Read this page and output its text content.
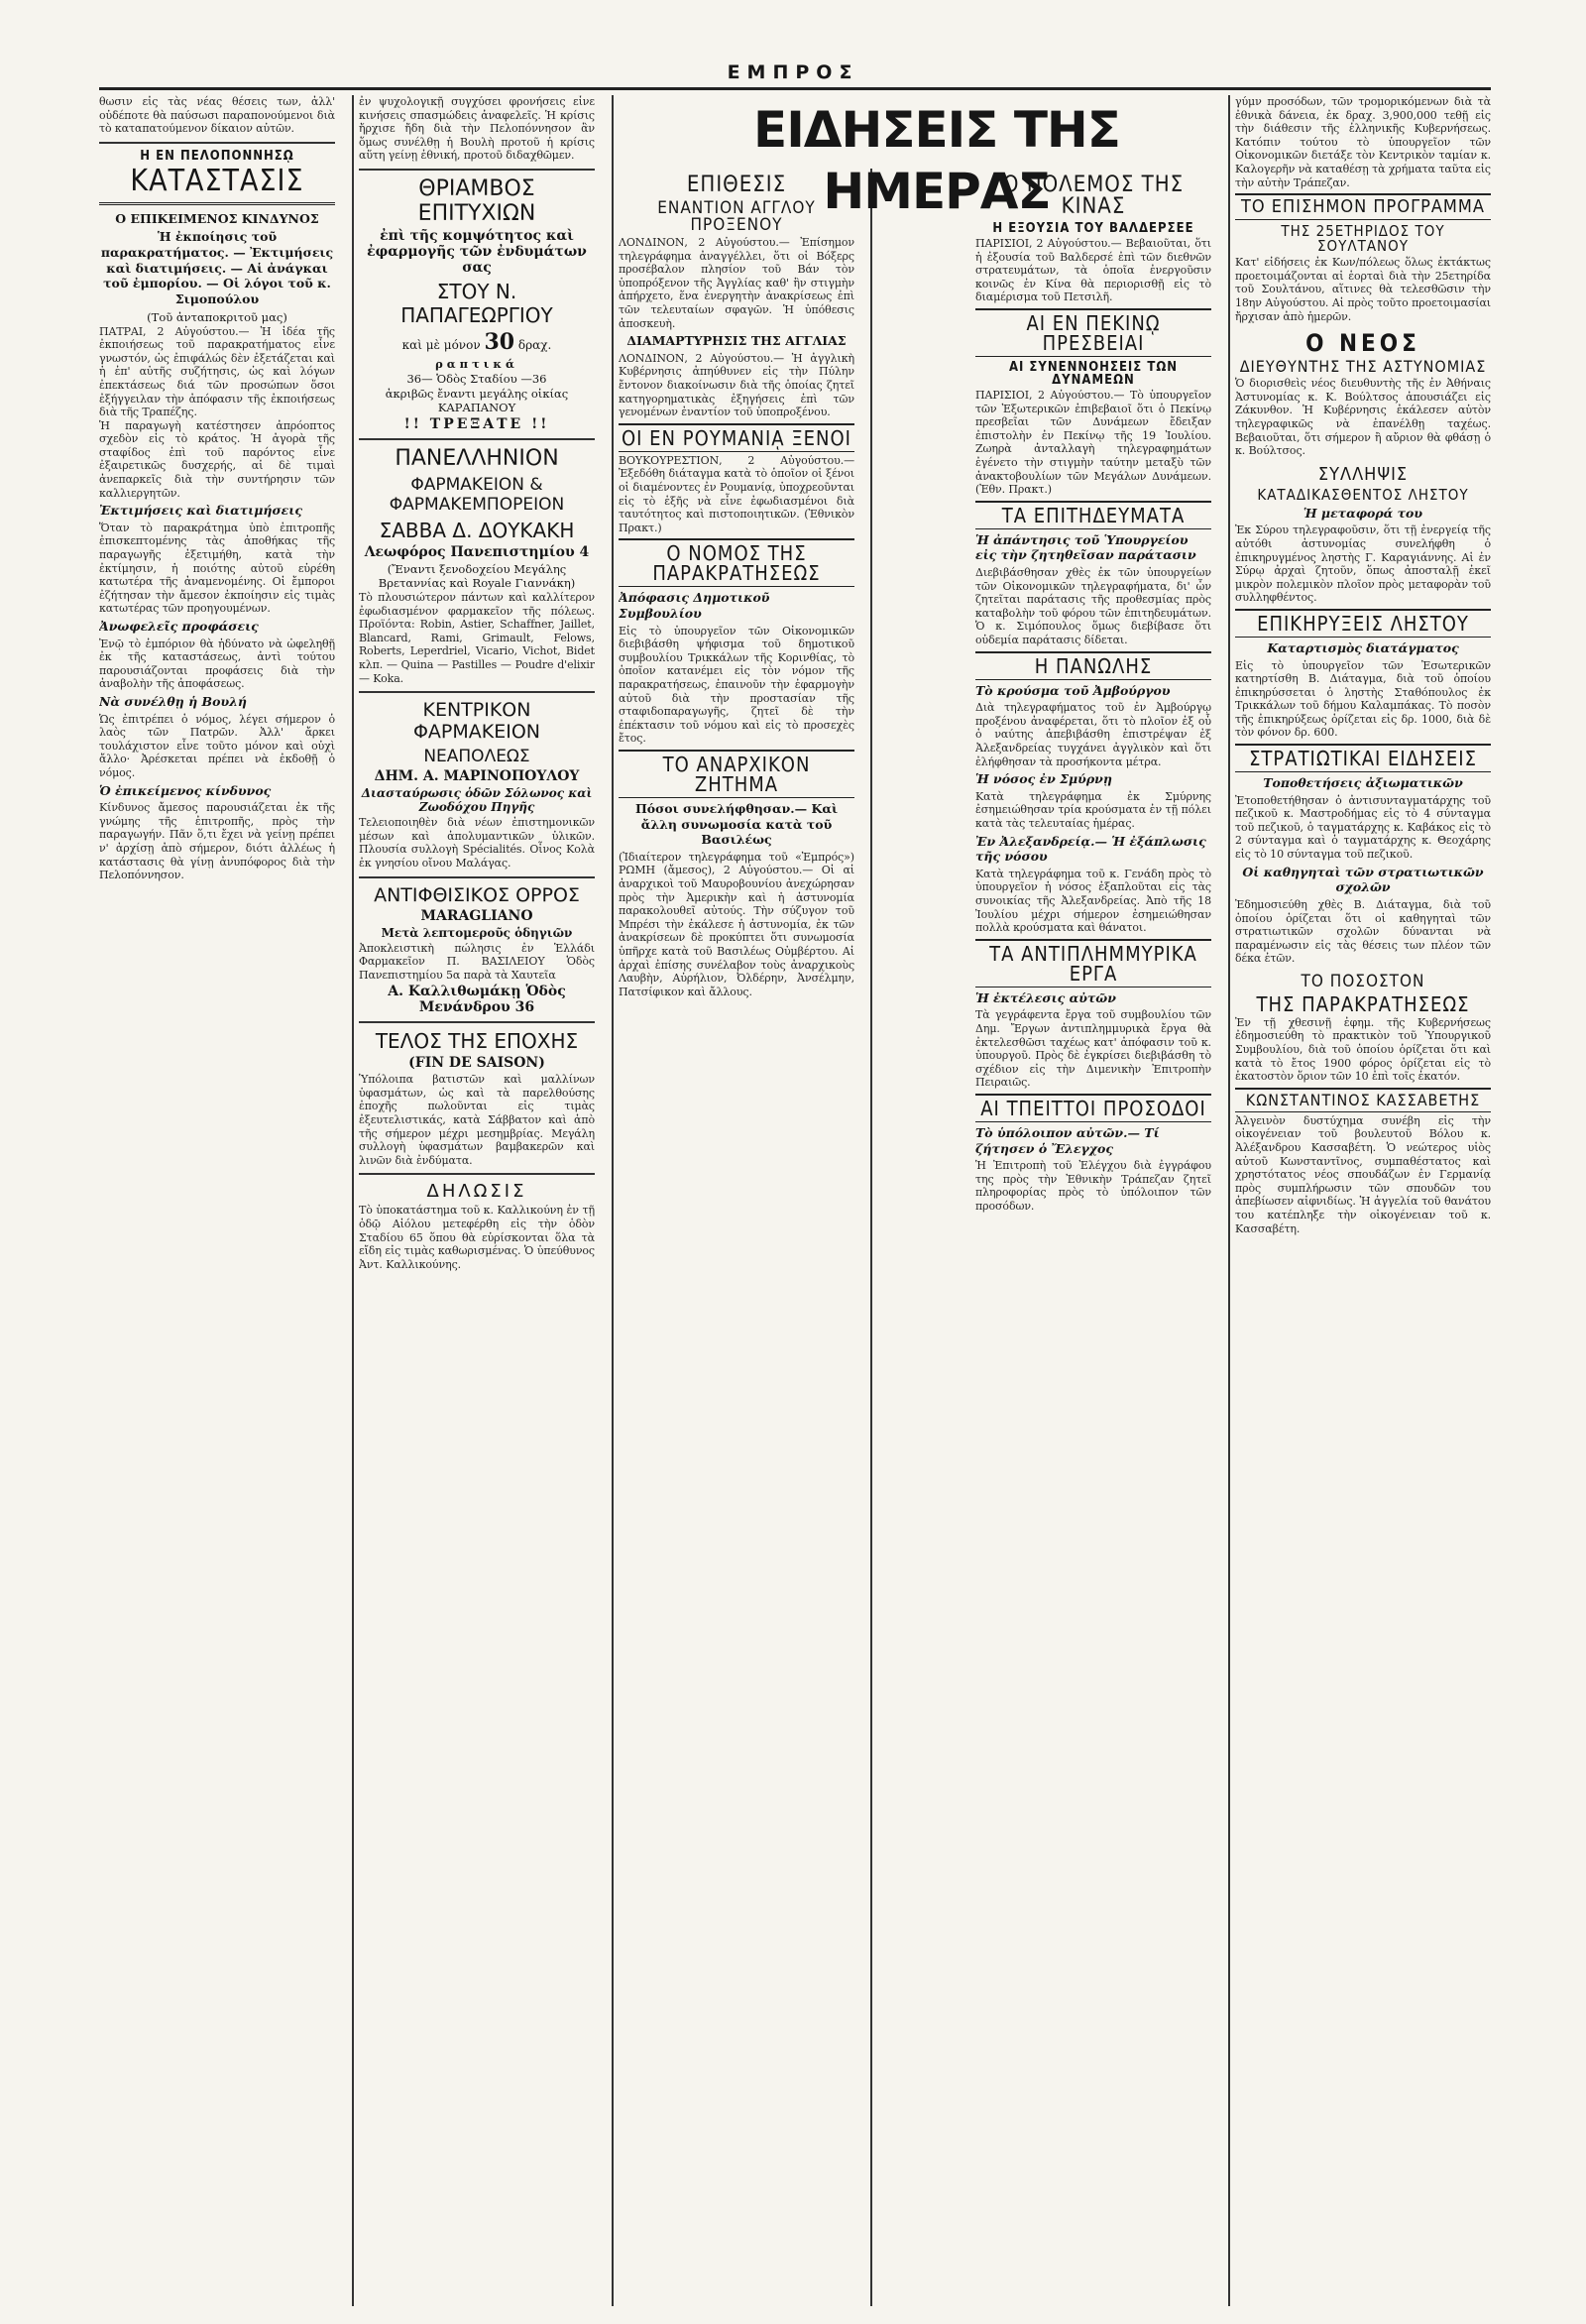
ΕΜΠΡΟΣ
ΕΙΔΗΣΕΙΣ ΤΗΣ ΗΜΕΡΑΣ

θωσιν εἰς τὰς νέας θέσεις των, ἀλλ' οὐδέποτε θὰ παύσωσι παραπονούμενοι διὰ τὸ καταπατούμενον δίκαιον αὐτῶν.

Η ΕΝ ΠΕΛΟΠΟΝΝΗΣῼ
ΚΑΤΑΣΤΑΣΙΣ
Ο ΕΠΙΚΕΙΜΕΝΟΣ ΚΙΝΔΥΝΟΣ
Ἡ ἐκποίησις τοῦ παρακρατήματος. — Ἐκτιμήσεις καὶ διατιμήσεις. — Αἱ ἀνάγκαι τοῦ ἐμπορίου. — Οἱ λόγοι τοῦ κ. Σιμοπούλου
(Τοῦ ἀνταποκριτοῦ μας)

ΠΑΤΡΑΙ, 2 Αὐγούστου.— Ἡ ἰδέα τῆς ἐκποιήσεως τοῦ παρακρατήματος εἶνε γνωστόν, ὡς ἐπιφάλώς δὲν ἐξετάζεται καὶ ἡ ἐπ' αὐτῆς συζήτησις, ὡς καὶ λόγων ἐπεκτάσεως διά τῶν προσώπων ὅσοι ἐξήγγειλαν τὴν ἀπόφασιν τῆς ἐκποιήσεως διὰ τῆς Τραπέζης.

Ἡ παραγωγὴ κατέστησεν ἀπρόοπτος σχεδὸν εἰς τὸ κράτος. Ἡ ἀγορὰ τῆς σταφίδος ἐπὶ τοῦ παρόντος εἶνε ἐξαιρετικῶς δυσχερής, αἱ δὲ τιμαὶ ἀνεπαρκεῖς διὰ τὴν συντήρησιν τῶν καλλιεργητῶν.

Ἐκτιμήσεις καὶ διατιμήσεις

Ὅταν τὸ παρακράτημα ὑπὸ ἐπιτροπῆς ἐπισκεπτομένης τὰς ἀποθήκας τῆς παραγωγῆς ἐξετιμήθη, κατὰ τὴν ἐκτίμησιν, ἡ ποιότης αὐτοῦ εὑρέθη κατωτέρα τῆς ἀναμενομένης. Οἱ ἔμποροι ἐζήτησαν τὴν ἄμεσον ἐκποίησιν εἰς τιμὰς κατωτέρας τῶν προηγουμένων.

Ἀνωφελεῖς προφάσεις

Ἐνῷ τὸ ἐμπόριον θὰ ἠδύνατο νὰ ὠφεληθῇ ἐκ τῆς καταστάσεως, ἀντὶ τούτου παρουσιάζονται προφάσεις διὰ τὴν ἀναβολὴν τῆς ἀποφάσεως.

Νὰ συνέλθῃ ἡ Βουλή

Ὡς ἐπιτρέπει ὁ νόμος, λέγει σήμερον ὁ λαὸς τῶν Πατρῶν. Ἀλλ' ἄρκει τουλάχιστον εἶνε τοῦτο μόνον καὶ οὐχὶ ἄλλο· Ἀρέσκεται πρέπει νὰ ἐκδοθῇ ὁ νόμος.

Ὁ ἐπικείμενος κίνδυνος

Κίνδυνος ἄμεσος παρουσιάζεται ἐκ τῆς γνώμης τῆς ἐπιτροπῆς, πρὸς τὴν παραγωγήν. Πᾶν ὅ,τι ἔχει νὰ γείνῃ πρέπει ν' ἀρχίσῃ ἀπὸ σήμερον, διότι ἀλλέως ἡ κατάστασις θὰ γίνῃ ἀνυπόφορος διὰ τὴν Πελοπόννησον.

ἐν ψυχολογικῇ συγχύσει φρονήσεις εἶνε κινήσεις σπασμώδεις ἀναφελεῖς. Ἡ κρίσις ἤρχισε ἤδη διὰ τὴν Πελοπόννησον ἂν ὅμως συνέλθῃ ἡ Βουλὴ προτοῦ ἡ κρίσις αὕτη γείνῃ ἐθνική, προτοῦ διδαχθῶμεν.

ΘΡΙΑΜΒΟΣ ΕΠΙΤΥΧΙΩΝ
ἐπὶ τῆς κομψότητος καὶ ἐφαρμογῆς τῶν ἐνδυμάτων σας
ΣΤΟΥ Ν. ΠΑΠΑΓΕΩΡΓΙΟΥ
καὶ μὲ μόνον 30 δραχ.
ραπτικά
36— Ὁδὸς Σταδίου —36
ἀκριβῶς ἔναντι μεγάλης οἰκίας ΚΑΡΑΠΑΝΟΥ
!! ΤΡΕΞΑΤΕ !!
ΠΑΝΕΛΛΗΝΙΟΝ
ΦΑΡΜΑΚΕΙΟΝ & ΦΑΡΜΑΚΕΜΠΟΡΕΙΟΝ
ΣΑΒΒΑ Δ. ΔΟΥΚΑΚΗ
Λεωφόρος Πανεπιστημίου 4
(Ἔναντι ξενοδοχείου Μεγάλης Βρεταννίας καὶ Royale Γιαννάκη)

Τὸ πλουσιώτερον πάντων καὶ καλλίτερον ἐφωδιασμένον φαρμακεῖον τῆς πόλεως. Προϊόντα: Robin, Astier, Schaffner, Jaillet, Blancard, Rami, Grimault, Felows, Roberts, Leperdriel, Vicario, Vichot, Bidet κλπ. — Quina — Pastilles — Poudre d'elixir — Koka.

ΚΕΝΤΡΙΚΟΝ ΦΑΡΜΑΚΕΙΟΝ
ΝΕΑΠΟΛΕΩΣ
ΔΗΜ. Α. ΜΑΡΙΝΟΠΟΥΛΟΥ
Διασταύρωσις ὁδῶν Σόλωνος καὶ Ζωοδόχου Πηγῆς

Τελειοποιηθὲν διὰ νέων ἐπιστημονικῶν μέσων καὶ ἀπολυμαντικῶν ὑλικῶν. Πλουσία συλλογὴ Spécialités. Οἶνος Κολὰ ἐκ γνησίου οἴνου Μαλάγας.

ΑΝΤΙΦΘΙΣΙΚΟΣ ΟΡΡΟΣ
MARAGLIANO
Μετὰ λεπτομεροῦς ὁδηγιῶν

Ἀποκλειστικὴ πώλησις ἐν Ἑλλάδι Φαρμακεῖον Π. ΒΑΣΙΛΕΙΟΥ Ὁδὸς Πανεπιστημίου 5α παρὰ τὰ Χαυτεῖα

Α. Καλλιθωμάκῃ Ὁδὸς Μενάνδρου 36
ΤΕΛΟΣ ΤΗΣ ΕΠΟΧΗΣ
(FIN DE SAISON)

Ὑπόλοιπα βατιστῶν καὶ μαλλίνων ὑφασμάτων, ὡς καὶ τὰ παρελθούσης ἐποχῆς πωλοῦνται εἰς τιμὰς ἐξευτελιστικάς, κατὰ Σάββατον καὶ ἀπὸ τῆς σήμερον μέχρι μεσημβρίας. Μεγάλη συλλογὴ ὑφασμάτων βαμβακερῶν καὶ λινῶν διὰ ἐνδύματα.

ΔΗΛΩΣΙΣ

Τὸ ὑποκατάστημα τοῦ κ. Καλλικούνη ἐν τῇ ὁδῷ Αἰόλου μετεφέρθη εἰς τὴν ὁδὸν Σταδίου 65 ὅπου θὰ εὑρίσκονται ὅλα τὰ εἴδη εἰς τιμὰς καθωρισμένας. Ὁ ὑπεύθυνος Ἀντ. Καλλικούνης.

ΕΠΙΘΕΣΙΣ
ΕΝΑΝΤΙΟΝ ΑΓΓΛΟΥ ΠΡΟΞΕΝΟΥ

ΛΟΝΔΙΝΟΝ, 2 Αὐγούστου.— Ἐπίσημον τηλεγράφημα ἀναγγέλλει, ὅτι οἱ Βόξερς προσέβαλον πλησίον τοῦ Βάν τὸν ὑποπρόξενον τῆς Ἀγγλίας καθ' ἣν στιγμὴν ἀπήρχετο, ἕνα ἐνεργητὴν ἀνακρίσεως ἐπὶ τῶν τελευταίων σφαγῶν. Ἡ ὑπόθεσις ἀποσκευὴ.

ΔΙΑΜΑΡΤΥΡΗΣΙΣ ΤΗΣ ΑΓΓΛΙΑΣ

ΛΟΝΔΙΝΟΝ, 2 Αὐγούστου.— Ἡ ἀγγλικὴ Κυβέρνησις ἀπηύθυνεν εἰς τὴν Πύλην ἔντονον διακοίνωσιν διὰ τῆς ὁποίας ζητεῖ κατηγορηματικὰς ἐξηγήσεις ἐπὶ τῶν γενομένων ἐναντίον τοῦ ὑποπροξένου.

ΟΙ ΕΝ ΡΟΥΜΑΝΙᾼ ΞΕΝΟΙ

ΒΟΥΚΟΥΡΕΣΤΙΟΝ, 2 Αὐγούστου.— Ἐξεδόθη διάταγμα κατὰ τὸ ὁποῖον οἱ ξένοι οἱ διαμένοντες ἐν Ρουμανίᾳ, ὑποχρεοῦνται εἰς τὸ ἑξῆς νὰ εἶνε ἐφωδιασμένοι διὰ ταυτότητος καὶ πιστοποιητικῶν. (Ἐθνικὸν Πρακτ.)

Ο ΝΟΜΟΣ ΤΗΣ ΠΑΡΑΚΡΑΤΗΣΕΩΣ
Ἀπόφασις Δημοτικοῦ Συμβουλίου

Εἰς τὸ ὑπουργεῖον τῶν Οἰκονομικῶν διεβιβάσθη ψήφισμα τοῦ δημοτικοῦ συμβουλίου Τρικκάλων τῆς Κορινθίας, τὸ ὁποῖον κατανέμει εἰς τὸν νόμον τῆς παρακρατήσεως, ἐπαινοῦν τὴν ἐφαρμογὴν αὐτοῦ διὰ τὴν προστασίαν τῆς σταφιδοπαραγωγῆς, ζητεῖ δὲ τὴν ἐπέκτασιν τοῦ νόμου καὶ εἰς τὸ προσεχὲς ἔτος.

ΤΟ ΑΝΑΡΧΙΚΟΝ ΖΗΤΗΜΑ
Πόσοι συνελήφθησαν.— Καὶ ἄλλη συνωμοσία κατὰ τοῦ Βασιλέως

(Ἰδιαίτερον τηλεγράφημα τοῦ «Ἐμπρός») ΡΩΜΗ (ἄμεσος), 2 Αὐγούστου.— Οἱ αἱ ἀναρχικοὶ τοῦ Μαυροβουνίου ἀνεχώρησαν πρὸς τὴν Ἀμερικὴν καὶ ἡ ἀστυνομία παρακολουθεῖ αὐτούς. Τὴν σύζυγον τοῦ Μπρέσι τὴν ἐκάλεσε ἡ ἀστυνομία, ἐκ τῶν ἀνακρίσεων δὲ προκύπτει ὅτι συνωμοσία ὑπῆρχε κατὰ τοῦ Βασιλέως Οὐμβέρτου. Αἱ ἀρχαὶ ἐπίσης συνέλαβον τοὺς ἀναρχικοὺς Λαυβὴν, Αὐρήλιον, Ὀλδέρην, Ἀνσέλμην, Πατσίφικον καὶ ἄλλους.

Ο ΠΟΛΕΜΟΣ ΤΗΣ ΚΙΝΑΣ
Η ΕΞΟΥΣΙΑ ΤΟΥ ΒΑΛΔΕΡΣΕΕ

ΠΑΡΙΣΙΟΙ, 2 Αὐγούστου.— Βεβαιοῦται, ὅτι ἡ ἐξουσία τοῦ Βαλδερσέ ἐπὶ τῶν διεθνῶν στρατευμάτων, τὰ ὁποῖα ἐνεργοῦσιν κοινῶς ἐν Κίνα θὰ περιορισθῇ εἰς τὸ διαμέρισμα τοῦ Πετσιλῆ.

ΑΙ ΕΝ ΠΕΚΙΝῼ ΠΡΕΣΒΕΙΑΙ
ΑΙ ΣΥΝΕΝΝΟΗΣΕΙΣ ΤΩΝ ΔΥΝΑΜΕΩΝ

ΠΑΡΙΣΙΟΙ, 2 Αὐγούστου.— Τὸ ὑπουργεῖον τῶν Ἐξωτερικῶν ἐπιβεβαιοῖ ὅτι ὁ Πεκίνῳ πρεσβεῖαι τῶν Δυνάμεων ἔδειξαν ἐπιστολὴν ἐν Πεκίνῳ τῆς 19 Ἰουλίου. Ζωηρὰ ἀνταλλαγὴ τηλεγραφημάτων ἐγένετο τὴν στιγμὴν ταύτην μεταξὺ τῶν ἀνακτοβουλίων τῶν Μεγάλων Δυνάμεων. (Ἐθν. Πρακτ.)

ΤΑ ΕΠΙΤΗΔΕΥΜΑΤΑ
Ἡ ἀπάντησις τοῦ Ὑπουργείου εἰς τὴν ζητηθεῖσαν παράτασιν

Διεβιβάσθησαν χθὲς ἐκ τῶν ὑπουργείων τῶν Οἰκονομικῶν τηλεγραφήματα, δι' ὧν ζητεῖται παράτασις τῆς προθεσμίας πρὸς καταβολὴν τοῦ φόρου τῶν ἐπιτηδευμάτων. Ὁ κ. Σιμόπουλος ὅμως διεβίβασε ὅτι οὐδεμία παράτασις δίδεται.

Η ΠΑΝΩΛΗΣ
Τὸ κρούσμα τοῦ Ἀμβούργου

Διὰ τηλεγραφήματος τοῦ ἐν Ἀμβούργῳ προξένου ἀναφέρεται, ὅτι τὸ πλοῖον ἐξ οὗ ὁ ναύτης ἀπεβιβάσθη ἐπιστρέψαν ἐξ Ἀλεξανδρείας τυγχάνει ἀγγλικὸν καὶ ὅτι ἐλήφθησαν τὰ προσήκοντα μέτρα.

Ἡ νόσος ἐν Σμύρνῃ

Κατὰ τηλεγράφημα ἐκ Σμύρνης ἐσημειώθησαν τρία κρούσματα ἐν τῇ πόλει κατὰ τὰς τελευταίας ἡμέρας.

Ἐν Ἀλεξανδρείᾳ.— Ἡ ἐξάπλωσις τῆς νόσου

Κατὰ τηλεγράφημα τοῦ κ. Γενάδη πρὸς τὸ ὑπουργεῖον ἡ νόσος ἐξαπλοῦται εἰς τὰς συνοικίας τῆς Ἀλεξανδρείας. Ἀπὸ τῆς 18 Ἰουλίου μέχρι σήμερον ἐσημειώθησαν πολλὰ κρούσματα καὶ θάνατοι.

ΤΑ ΑΝΤΙΠΛΗΜΜΥΡΙΚΑ ΕΡΓΑ
Ἡ ἐκτέλεσις αὐτῶν

Τὰ γεγράφεντα ἔργα τοῦ συμβουλίου τῶν Δημ. Ἔργων ἀντιπλημμυρικὰ ἔργα θὰ ἐκτελεσθῶσι ταχέως κατ' ἀπόφασιν τοῦ κ. ὑπουργοῦ. Πρὸς δὲ ἐγκρίσει διεβιβάσθη τὸ σχέδιον εἰς τὴν Διμενικὴν Ἐπιτροπὴν Πειραιῶς.

ΑΙ ΤΠΕΙΤΤΟΙ ΠΡΟΣΟΔΟΙ
Τὸ ὑπόλοιπον αὐτῶν.— Τί ζήτησεν ὁ Ἔλεγχος

Ἡ Ἐπιτροπὴ τοῦ Ἐλέγχου διὰ ἐγγράφου της πρὸς τὴν Ἐθνικὴν Τράπεζαν ζητεῖ πληροφορίας πρὸς τὸ ὑπόλοιπον τῶν προσόδων.

γύμν προσόδων, τῶν τρομορικόμενων διὰ τὰ ἐθνικὰ δάνεια, ἐκ δραχ. 3,900,000 τεθῇ εἰς τὴν διάθεσιν τῆς ἑλληνικῆς Κυβερνήσεως. Κατόπιν τούτου τὸ ὑπουργεῖον τῶν Οἰκονομικῶν διετάξε τὸν Κεντρικὸν ταμίαν κ. Καλογερῆν νὰ καταθέσῃ τὰ χρήματα ταῦτα εἰς τὴν αὐτὴν Τράπεζαν.

ΤΟ ΕΠΙΣΗΜΟΝ ΠΡΟΓΡΑΜΜΑ
ΤΗΣ 25ΕΤΗΡΙΔΟΣ ΤΟΥ ΣΟΥΛΤΑΝΟΥ

Κατ' εἰδήσεις ἐκ Κων/πόλεως ὅλως ἐκτάκτως προετοιμάζονται αἱ ἑορταὶ διὰ τὴν 25ετηρίδα τοῦ Σουλτάνου, αἵτινες θὰ τελεσθῶσιν τὴν 18ην Αὐγούστου. Αἱ πρὸς τοῦτο προετοιμασίαι ἤρχισαν ἀπὸ ἡμερῶν.

Ο ΝΕΟΣ
ΔΙΕΥΘΥΝΤΗΣ ΤΗΣ ΑΣΤΥΝΟΜΙΑΣ

Ὁ διορισθεὶς νέος διευθυντὴς τῆς ἐν Ἀθήναις Ἀστυνομίας κ. Κ. Βούλτσος ἀπουσιάζει εἰς Ζάκυνθον. Ἡ Κυβέρνησις ἐκάλεσεν αὐτὸν τηλεγραφικῶς νὰ ἐπανέλθῃ ταχέως. Βεβαιοῦται, ὅτι σήμερον ἢ αὔριον θὰ φθάσῃ ὁ κ. Βούλτσος.

ΣΥΛΛΗΨΙΣ
ΚΑΤΑΔΙΚΑΣΘΕΝΤΟΣ ΛΗΣΤΟΥ
Ἡ μεταφορά του

Ἐκ Σύρου τηλεγραφοῦσιν, ὅτι τῇ ἐνεργείᾳ τῆς αὐτόθι ἀστυνομίας συνελήφθη ὁ ἐπικηρυγμένος ληστὴς Γ. Καραγιάννης. Αἱ ἐν Σύρῳ ἀρχαὶ ζητοῦν, ὅπως ἀποσταλῇ ἐκεῖ μικρὸν πολεμικὸν πλοῖον πρὸς μεταφορὰν τοῦ συλληφθέντος.

ΕΠΙΚΗΡΥΞΕΙΣ ΛΗΣΤΟΥ
Καταρτισμὸς διατάγματος

Εἰς τὸ ὑπουργεῖον τῶν Ἐσωτερικῶν κατηρτίσθη Β. Διάταγμα, διὰ τοῦ ὁποίου ἐπικηρύσσεται ὁ ληστὴς Σταθόπουλος ἐκ Τρικκάλων τοῦ δήμου Καλαμπάκας. Τὸ ποσὸν τῆς ἐπικηρύξεως ὁρίζεται εἰς δρ. 1000, διὰ δὲ τὸν φόνον δρ. 600.

ΣΤΡΑΤΙΩΤΙΚΑΙ ΕΙΔΗΣΕΙΣ
Τοποθετήσεις ἀξιωματικῶν

Ἐτοποθετήθησαν ὁ ἀντισυνταγματάρχης τοῦ πεζικοῦ κ. Μαστροδήμας εἰς τὸ 4 σύνταγμα τοῦ πεζικοῦ, ὁ ταγματάρχης κ. Καβάκος εἰς τὸ 2 σύνταγμα καὶ ὁ ταγματάρχης κ. Θεοχάρης εἰς τὸ 10 σύνταγμα τοῦ πεζικοῦ.

Οἱ καθηγηταὶ τῶν στρατιωτικῶν σχολῶν

Ἐδημοσιεύθη χθὲς Β. Διάταγμα, διὰ τοῦ ὁποίου ὁρίζεται ὅτι οἱ καθηγηταὶ τῶν στρατιωτικῶν σχολῶν δύνανται νὰ παραμένωσιν εἰς τὰς θέσεις των πλέον τῶν δέκα ἐτῶν.

ΤΟ ΠΟΣΟΣΤΟΝ
ΤΗΣ ΠΑΡΑΚΡΑΤΗΣΕΩΣ

Ἐν τῇ χθεσινῇ ἐφημ. τῆς Κυβερνήσεως ἐδημοσιεύθη τὸ πρακτικὸν τοῦ Ὑπουργικοῦ Συμβουλίου, διὰ τοῦ ὁποίου ὁρίζεται ὅτι καὶ κατὰ τὸ ἔτος 1900 φόρος ὁρίζεται εἰς τὸ ἑκατοστὸν ὅριον τῶν 10 ἐπὶ τοῖς ἑκατόν.

ΚΩΝΣΤΑΝΤΙΝΟΣ ΚΑΣΣΑΒΕΤΗΣ

Ἀλγεινὸν δυστύχημα συνέβη εἰς τὴν οἰκογένειαν τοῦ βουλευτοῦ Βόλου κ. Ἀλέξανδρου Κασσαβέτη. Ὁ νεώτερος υἱὸς αὐτοῦ Κωνσταντῖνος, συμπαθέστατος καὶ χρηστότατος νέος σπουδάζων ἐν Γερμανίᾳ πρὸς συμπλήρωσιν τῶν σπουδῶν του ἀπεβίωσεν αἰφνιδίως. Ἡ ἀγγελία τοῦ θανάτου του κατέπληξε τὴν οἰκογένειαν τοῦ κ. Κασσαβέτη.
